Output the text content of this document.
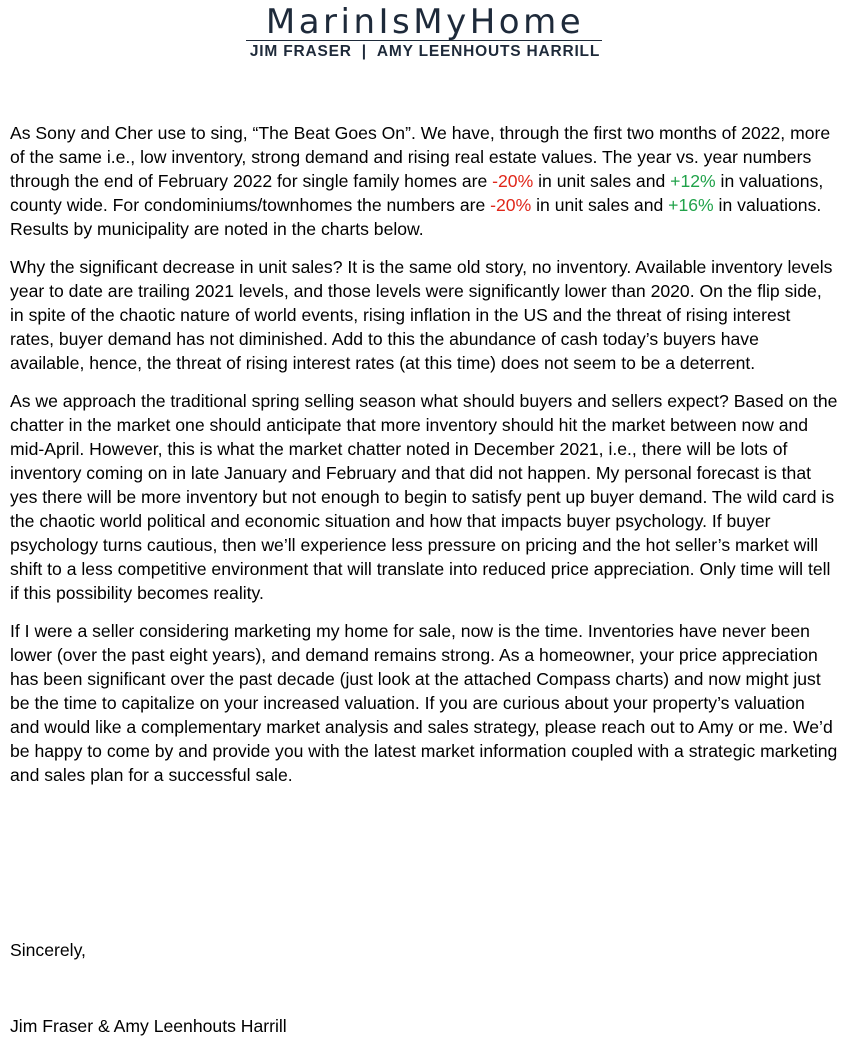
MarinIsMyHome
JIM FRASER | AMY LEENHOUTS HARRILL

As Sony and Cher use to sing, “The Beat Goes On”. We have, through the first two months of 2022, more of the same i.e., low inventory, strong demand and rising real estate values. The year vs. year numbers through the end of February 2022 for single family homes are -20% in unit sales and +12% in valuations, county wide. For condominiums/townhomes the numbers are -20% in unit sales and +16% in valuations. Results by municipality are noted in the charts below.

Why the significant decrease in unit sales? It is the same old story, no inventory. Available inventory levels year to date are trailing 2021 levels, and those levels were significantly lower than 2020. On the flip side, in spite of the chaotic nature of world events, rising inflation in the US and the threat of rising interest rates, buyer demand has not diminished. Add to this the abundance of cash today’s buyers have available, hence, the threat of rising interest rates (at this time) does not seem to be a deterrent.

As we approach the traditional spring selling season what should buyers and sellers expect? Based on the chatter in the market one should anticipate that more inventory should hit the market between now and mid-April. However, this is what the market chatter noted in December 2021, i.e., there will be lots of inventory coming on in late January and February and that did not happen. My personal forecast is that yes there will be more inventory but not enough to begin to satisfy pent up buyer demand. The wild card is the chaotic world political and economic situation and how that impacts buyer psychology. If buyer psychology turns cautious, then we’ll experience less pressure on pricing and the hot seller’s market will shift to a less competitive environment that will translate into reduced price appreciation. Only time will tell if this possibility becomes reality.

If I were a seller considering marketing my home for sale, now is the time. Inventories have never been lower (over the past eight years), and demand remains strong. As a homeowner, your price appreciation has been significant over the past decade (just look at the attached Compass charts) and now might just be the time to capitalize on your increased valuation. If you are curious about your property’s valuation and would like a complementary market analysis and sales strategy, please reach out to Amy or me. We’d be happy to come by and provide you with the latest market information coupled with a strategic marketing and sales plan for a successful sale.

Sincerely,
Jim Fraser & Amy Leenhouts Harrill
